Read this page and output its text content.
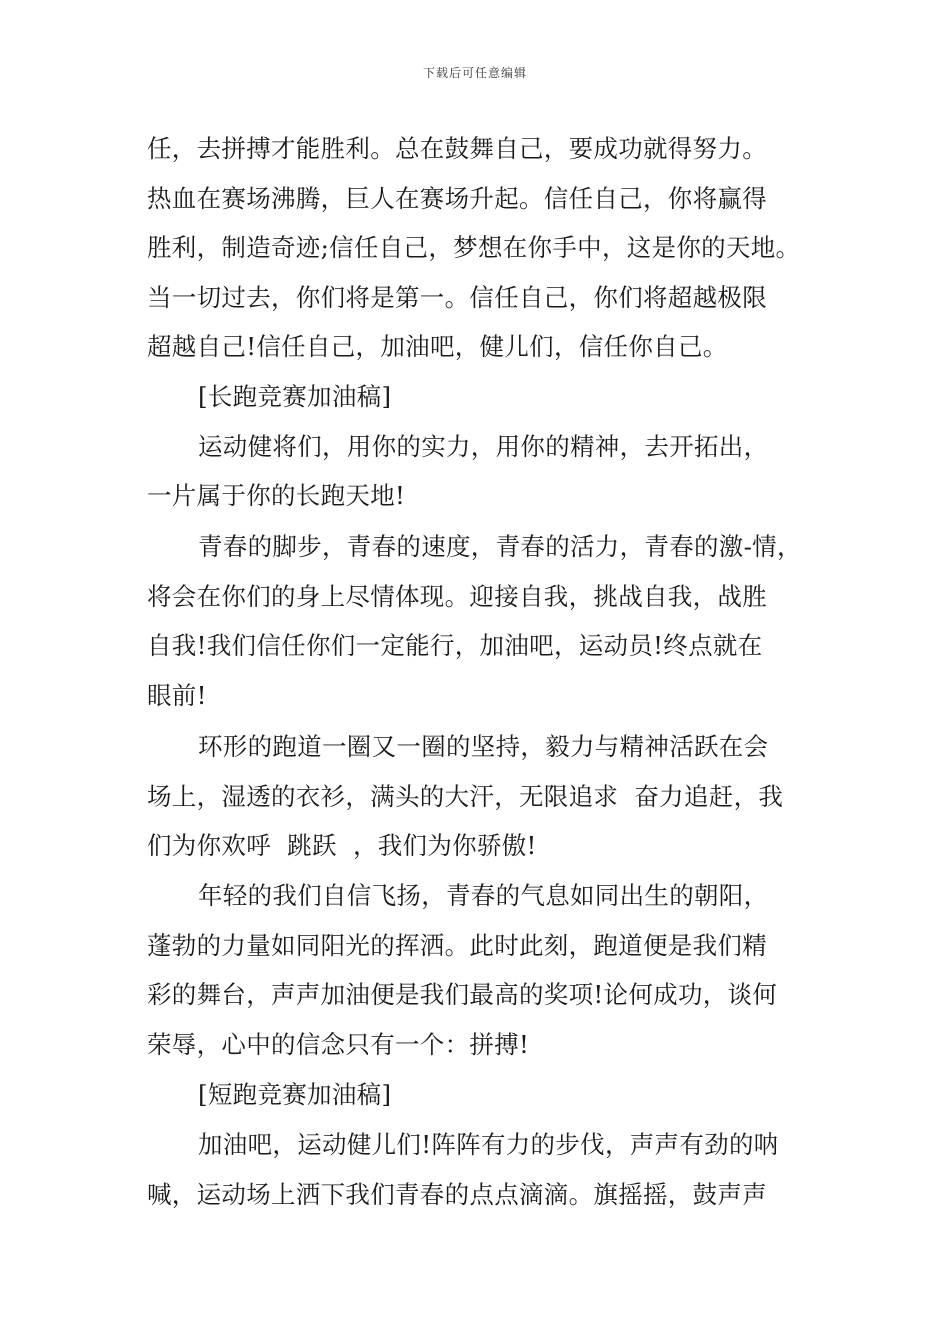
下载后可任意编辑
任，去拼搏才能胜利。总在鼓舞自己，要成功就得努力。
热血在赛场沸腾，巨人在赛场升起。信任自己，你将赢得
胜利，制造奇迹;信任自己，梦想在你手中，这是你的天地。
当一切过去，你们将是第一。信任自己，你们将超越极限
超越自己!信任自己，加油吧，健儿们，信任你自己。
[长跑竞赛加油稿]
运动健将们，用你的实力，用你的精神，去开拓出，
一片属于你的长跑天地!
青春的脚步，青春的速度，青春的活力，青春的激-情，
将会在你们的身上尽情体现。迎接自我，挑战自我，战胜
自我!我们信任你们一定能行，加油吧，运动员!终点就在
眼前!
环形的跑道一圈又一圈的坚持，毅力与精神活跃在会
场上，湿透的衣衫，满头的大汗，无限追求  奋力追赶，我
们为你欢呼  跳跃  ，我们为你骄傲!
年轻的我们自信飞扬，青春的气息如同出生的朝阳，
蓬勃的力量如同阳光的挥洒。此时此刻，跑道便是我们精
彩的舞台，声声加油便是我们最高的奖项!论何成功，谈何
荣辱，心中的信念只有一个：拼搏!
[短跑竞赛加油稿]
加油吧，运动健儿们!阵阵有力的步伐，声声有劲的呐
喊，运动场上洒下我们青春的点点滴滴。旗摇摇，鼓声声
